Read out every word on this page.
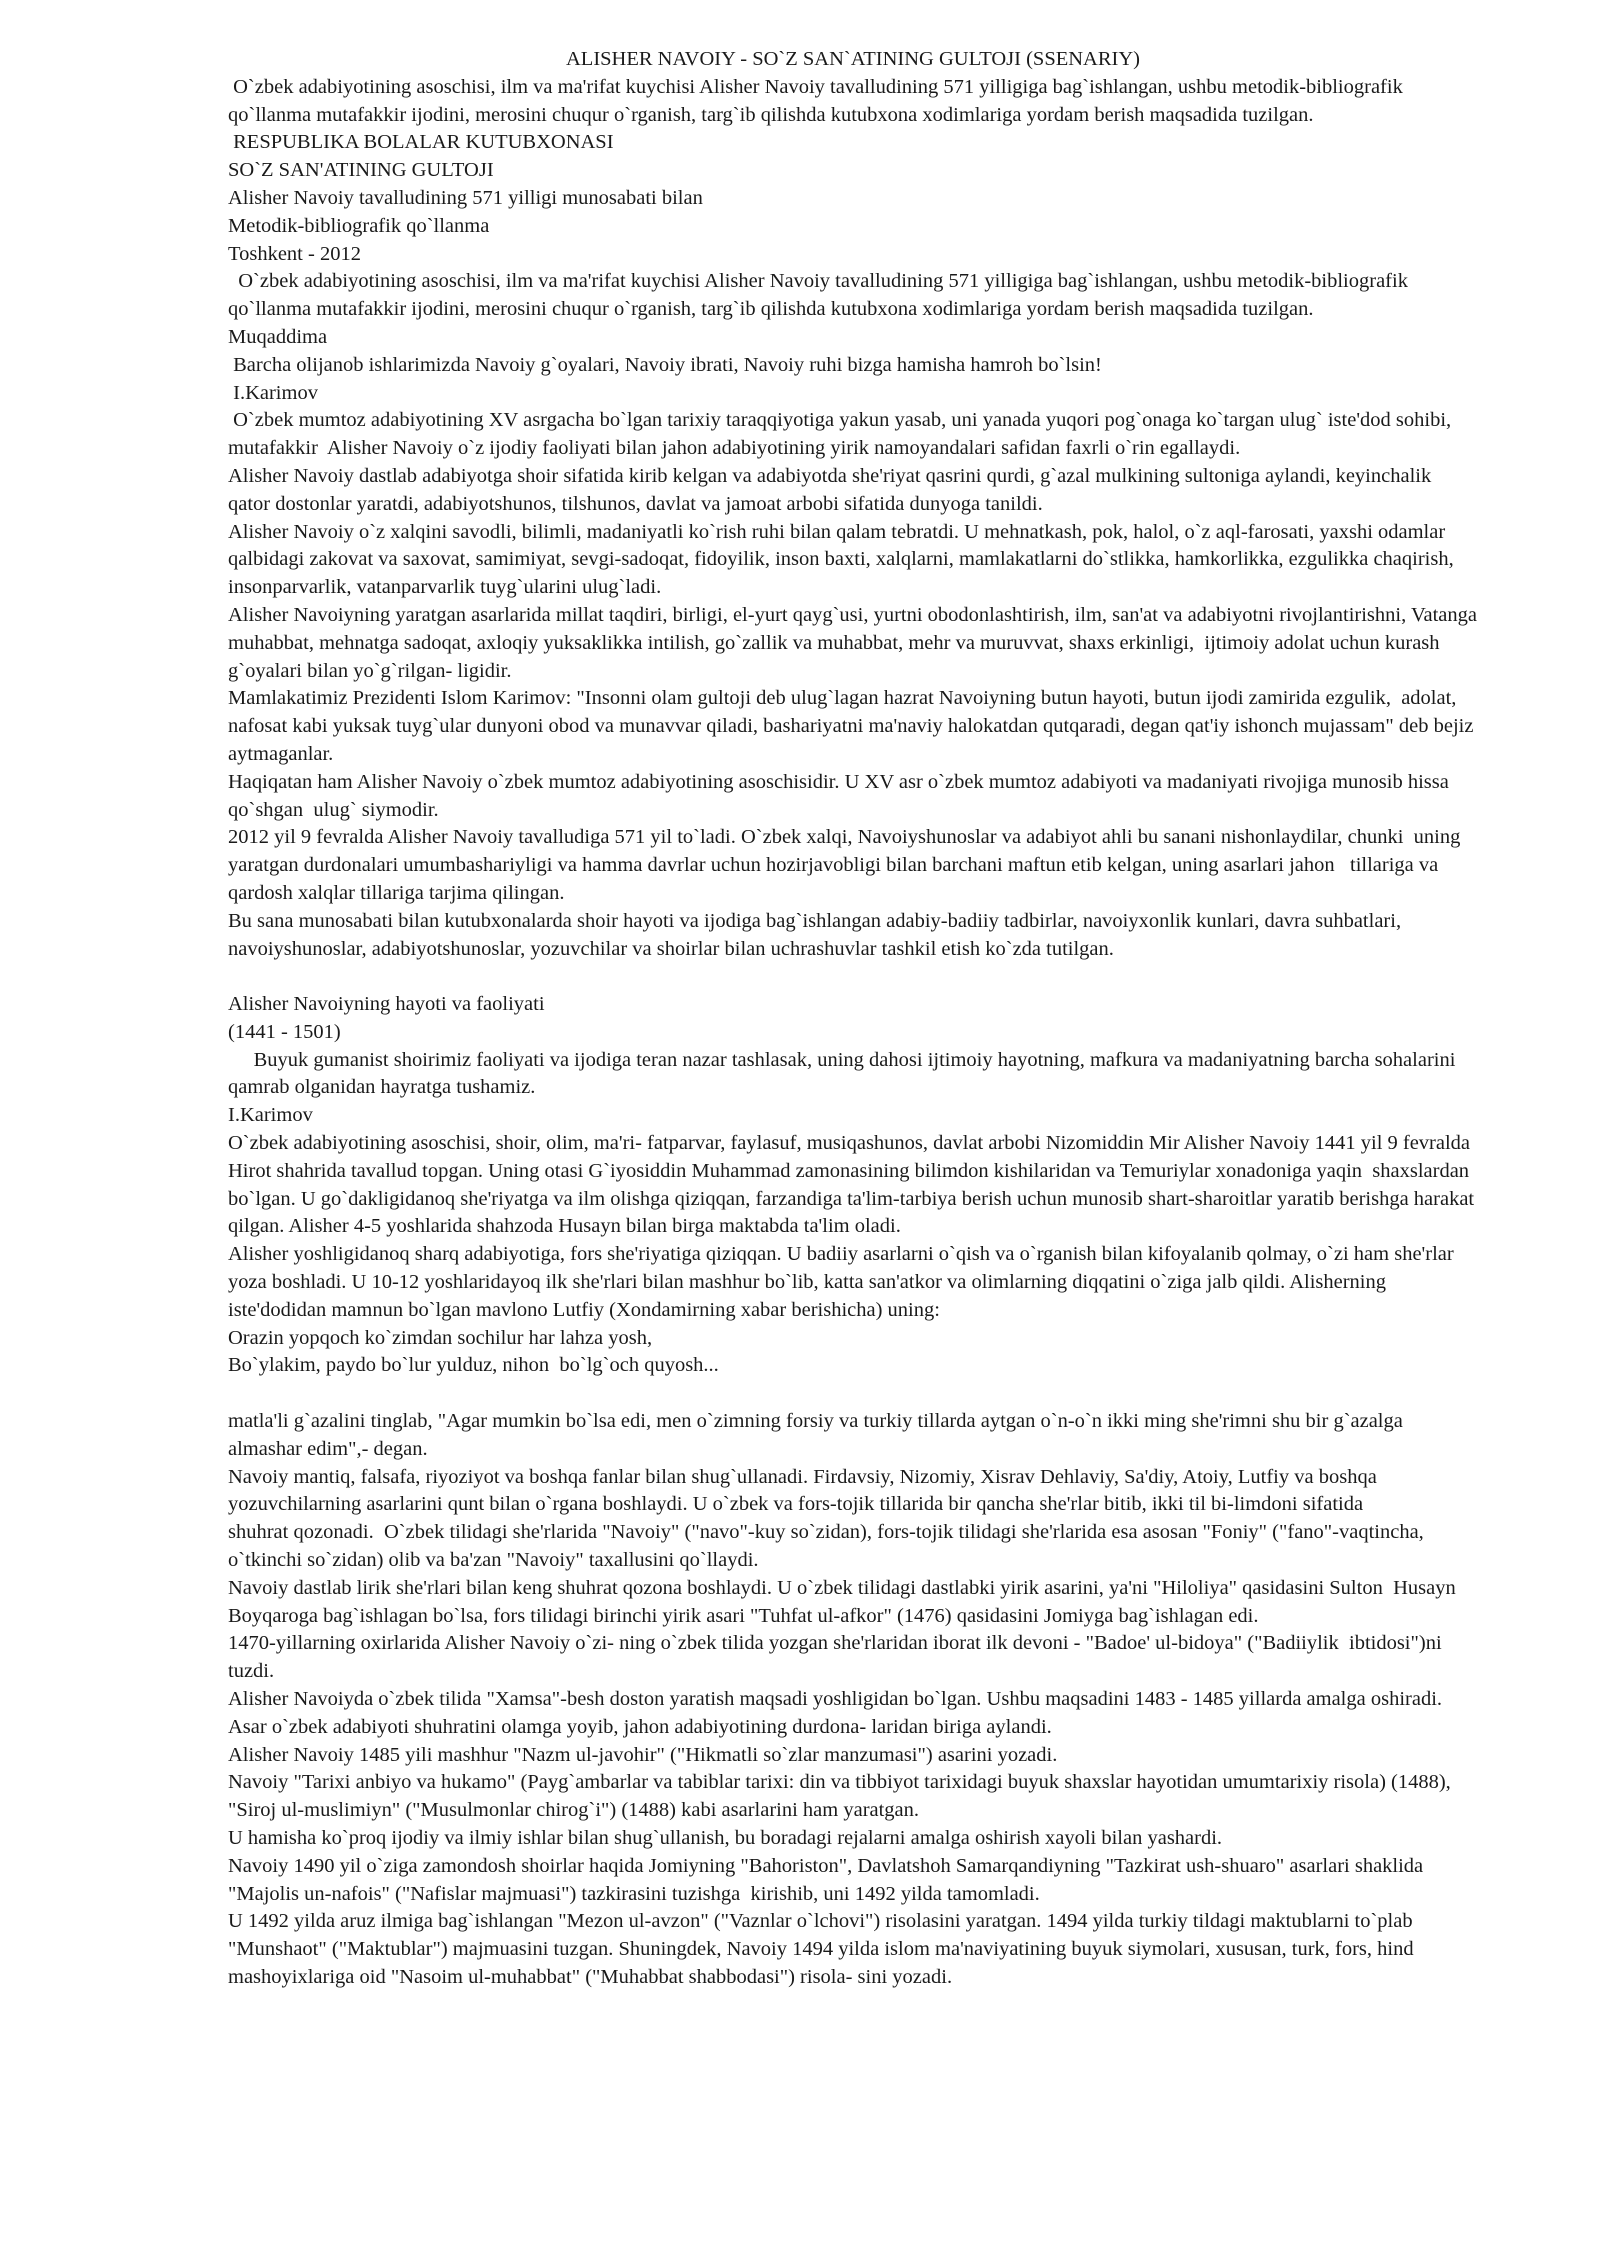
ALISHER NAVOIY - SO`Z SAN`ATINING GULTOJI (SSENARIY)

O`zbek adabiyotining asoschisi, ilm va ma'rifat kuychisi Alisher Navoiy tavalludining 571 yilligiga bag`ishlangan, ushbu metodik-bibliografik qo`llanma mutafakkir ijodini, merosini chuqur o`rganish, targ`ib qilishda kutubxona xodimlariga yordam berish maqsadida tuzilgan.
RESPUBLIKA BOLALAR KUTUBXONASI
SO`Z SAN'ATINING GULTOJI
Alisher Navoiy tavalludining 571 yilligi munosabati bilan
Metodik-bibliografik qo`llanma
Toshkent - 2012
O`zbek adabiyotining asoschisi, ilm va ma'rifat kuychisi Alisher Navoiy tavalludining 571 yilligiga bag`ishlangan, ushbu metodik-bibliografik qo`llanma mutafakkir ijodini, merosini chuqur o`rganish, targ`ib qilishda kutubxona xodimlariga yordam berish maqsadida tuzilgan.
Muqaddima
Barcha olijanob ishlarimizda Navoiy g`oyalari, Navoiy ibrati, Navoiy ruhi bizga hamisha hamroh bo`lsin!
I.Karimov
O`zbek mumtoz adabiyotining XV asrgacha bo`lgan tarixiy taraqqiyotiga yakun yasab, uni yanada yuqori pog`onaga ko`targan ulug` iste'dod sohibi, mutafakkir  Alisher Navoiy o`z ijodiy faoliyati bilan jahon adabiyotining yirik namoyandalari safidan faxrli o`rin egallaydi.
Alisher Navoiy dastlab adabiyotga shoir sifatida kirib kelgan va adabiyotda she'riyat qasrini qurdi, g`azal mulkining sultoniga aylandi, keyinchalik  qator dostonlar yaratdi, adabiyotshunos, tilshunos, davlat va jamoat arbobi sifatida dunyoga tanildi.
Alisher Navoiy o`z xalqini savodli, bilimli, madaniyatli ko`rish ruhi bilan qalam tebratdi. U mehnatkash, pok, halol, o`z aql-farosati, yaxshi odamlar  qalbidagi zakovat va saxovat, samimiyat, sevgi-sadoqat, fidoyilik, inson baxti, xalqlarni, mamlakatlarni do`stlikka, hamkorlikka, ezgulikka chaqirish,  insonparvarlik, vatanparvarlik tuyg`ularini ulug`ladi.
Alisher Navoiyning yaratgan asarlarida millat taqdiri, birligi, el-yurt qayg`usi, yurtni obodonlashtirish, ilm, san'at va adabiyotni rivojlantirishni, Vatanga muhabbat, mehnatga sadoqat, axloqiy yuksaklikka intilish, go`zallik va muhabbat, mehr va muruvvat, shaxs erkinligi,  ijtimoiy adolat uchun kurash g`oyalari bilan yo`g`rilgan- ligidir.
Mamlakatimiz Prezidenti Islom Karimov: "Insonni olam gultoji deb ulug`lagan hazrat Navoiyning butun hayoti, butun ijodi zamirida ezgulik,  adolat, nafosat kabi yuksak tuyg`ular dunyoni obod va munavvar qiladi, bashariyatni ma'naviy halokatdan qutqaradi, degan qat'iy ishonch mujassam" deb bejiz aytmaganlar.
Haqiqatan ham Alisher Navoiy o`zbek mumtoz adabiyotining asoschisidir. U XV asr o`zbek mumtoz adabiyoti va madaniyati rivojiga munosib hissa qo`shgan  ulug` siymodir.
2012 yil 9 fevralda Alisher Navoiy tavalludiga 571 yil to`ladi. O`zbek xalqi, Navoiyshunoslar va adabiyot ahli bu sanani nishonlaydilar, chunki  uning yaratgan durdonalari umumbashariyligi va hamma davrlar uchun hozirjavobligi bilan barchani maftun etib kelgan, uning asarlari jahon   tillariga va qardosh xalqlar tillariga tarjima qilingan.
Bu sana munosabati bilan kutubxonalarda shoir hayoti va ijodiga bag`ishlangan adabiy-badiiy tadbirlar, navoiyxonlik kunlari, davra suhbatlari,  navoiyshunoslar, adabiyotshunoslar, yozuvchilar va shoirlar bilan uchrashuvlar tashkil etish ko`zda tutilgan.
Alisher Navoiyning hayoti va faoliyati
(1441 - 1501)
Buyuk gumanist shoirimiz faoliyati va ijodiga teran nazar tashlasak, uning dahosi ijtimoiy hayotning, mafkura va madaniyatning barcha sohalarini qamrab olganidan hayratga tushamiz.
I.Karimov
O`zbek adabiyotining asoschisi, shoir, olim, ma'ri- fatparvar, faylasuf, musiqashunos, davlat arbobi Nizomiddin Mir Alisher Navoiy 1441 yil 9 fevralda Hirot shahrida tavallud topgan. Uning otasi G`iyosiddin Muhammad zamonasining bilimdon kishilaridan va Temuriylar xonadoniga yaqin  shaxslardan bo`lgan. U go`dakligidanoq she'riyatga va ilm olishga qiziqqan, farzandiga ta'lim-tarbiya berish uchun munosib shart-sharoitlar yaratib berishga harakat qilgan. Alisher 4-5 yoshlarida shahzoda Husayn bilan birga maktabda ta'lim oladi.
Alisher yoshligidanoq sharq adabiyotiga, fors she'riyatiga qiziqqan. U badiiy asarlarni o`qish va o`rganish bilan kifoyalanib qolmay, o`zi ham she'rlar  yoza boshladi. U 10-12 yoshlaridayoq ilk she'rlari bilan mashhur bo`lib, katta san'atkor va olimlarning diqqatini o`ziga jalb qildi. Alisherning  iste'dodidan mamnun bo`lgan mavlono Lutfiy (Xondamirning xabar berishicha) uning:
Orazin yopqoch ko`zimdan sochilur har lahza yosh,
Bo`ylakim, paydo bo`lur yulduz, nihon  bo`lg`och quyosh...
matla'li g`azalini tinglab, "Agar mumkin bo`lsa edi, men o`zimning forsiy va turkiy tillarda aytgan o`n-o`n ikki ming she'rimni shu bir g`azalga  almashar edim",- degan.
Navoiy mantiq, falsafa, riyoziyot va boshqa fanlar bilan shug`ullanadi. Firdavsiy, Nizomiy, Xisrav Dehlaviy, Sa'diy, Atoiy, Lutfiy va boshqa  yozuvchilarning asarlarini qunt bilan o`rgana boshlaydi. U o`zbek va fors-tojik tillarida bir qancha she'rlar bitib, ikki til bi-limdoni sifatida
shuhrat qozonadi.  O`zbek tilidagi she'rlarida "Navoiy" ("navo"-kuy so`zidan), fors-tojik tilidagi she'rlarida esa asosan "Foniy" ("fano"-vaqtincha,  o`tkinchi so`zidan) olib va ba'zan "Navoiy" taxallusini qo`llaydi.
Navoiy dastlab lirik she'rlari bilan keng shuhrat qozona boshlaydi. U o`zbek tilidagi dastlabki yirik asarini, ya'ni "Hiloliya" qasidasini Sulton  Husayn Boyqaroga bag`ishlagan bo`lsa, fors tilidagi birinchi yirik asari "Tuhfat ul-afkor" (1476) qasidasini Jomiyga bag`ishlagan edi.
1470-yillarning oxirlarida Alisher Navoiy o`zi- ning o`zbek tilida yozgan she'rlaridan iborat ilk devoni - "Badoe' ul-bidoya" ("Badiiylik  ibtidosi")ni tuzdi.
Alisher Navoiyda o`zbek tilida "Xamsa"-besh doston yaratish maqsadi yoshligidan bo`lgan. Ushbu maqsadini 1483 - 1485 yillarda amalga oshiradi. Asar o`zbek adabiyoti shuhratini olamga yoyib, jahon adabiyotining durdona- laridan biriga aylandi.
Alisher Navoiy 1485 yili mashhur "Nazm ul-javohir" ("Hikmatli so`zlar manzumasi") asarini yozadi.
Navoiy "Tarixi anbiyo va hukamo" (Payg`ambarlar va tabiblar tarixi: din va tibbiyot tarixidagi buyuk shaxslar hayotidan umumtarixiy risola) (1488),  "Siroj ul-muslimiyn" ("Musulmonlar chirog`i") (1488) kabi asarlarini ham yaratgan.
U hamisha ko`proq ijodiy va ilmiy ishlar bilan shug`ullanish, bu boradagi rejalarni amalga oshirish xayoli bilan yashardi.
Navoiy 1490 yil o`ziga zamondosh shoirlar haqida Jomiyning "Bahoriston", Davlatshoh Samarqandiyning "Tazkirat ush-shuaro" asarlari shaklida  "Majolis un-nafois" ("Nafislar majmuasi") tazkirasini tuzishga  kirishib, uni 1492 yilda tamomladi.
U 1492 yilda aruz ilmiga bag`ishlangan "Mezon ul-avzon" ("Vaznlar o`lchovi") risolasini yaratgan. 1494 yilda turkiy tildagi maktublarni to`plab  "Munshaot" ("Maktublar") majmuasini tuzgan. Shuningdek, Navoiy 1494 yilda islom ma'naviyatining buyuk siymolari, xususan, turk, fors, hind mashoyixlariga oid "Nasoim ul-muhabbat" ("Muhabbat shabbodasi") risola- sini yozadi.
